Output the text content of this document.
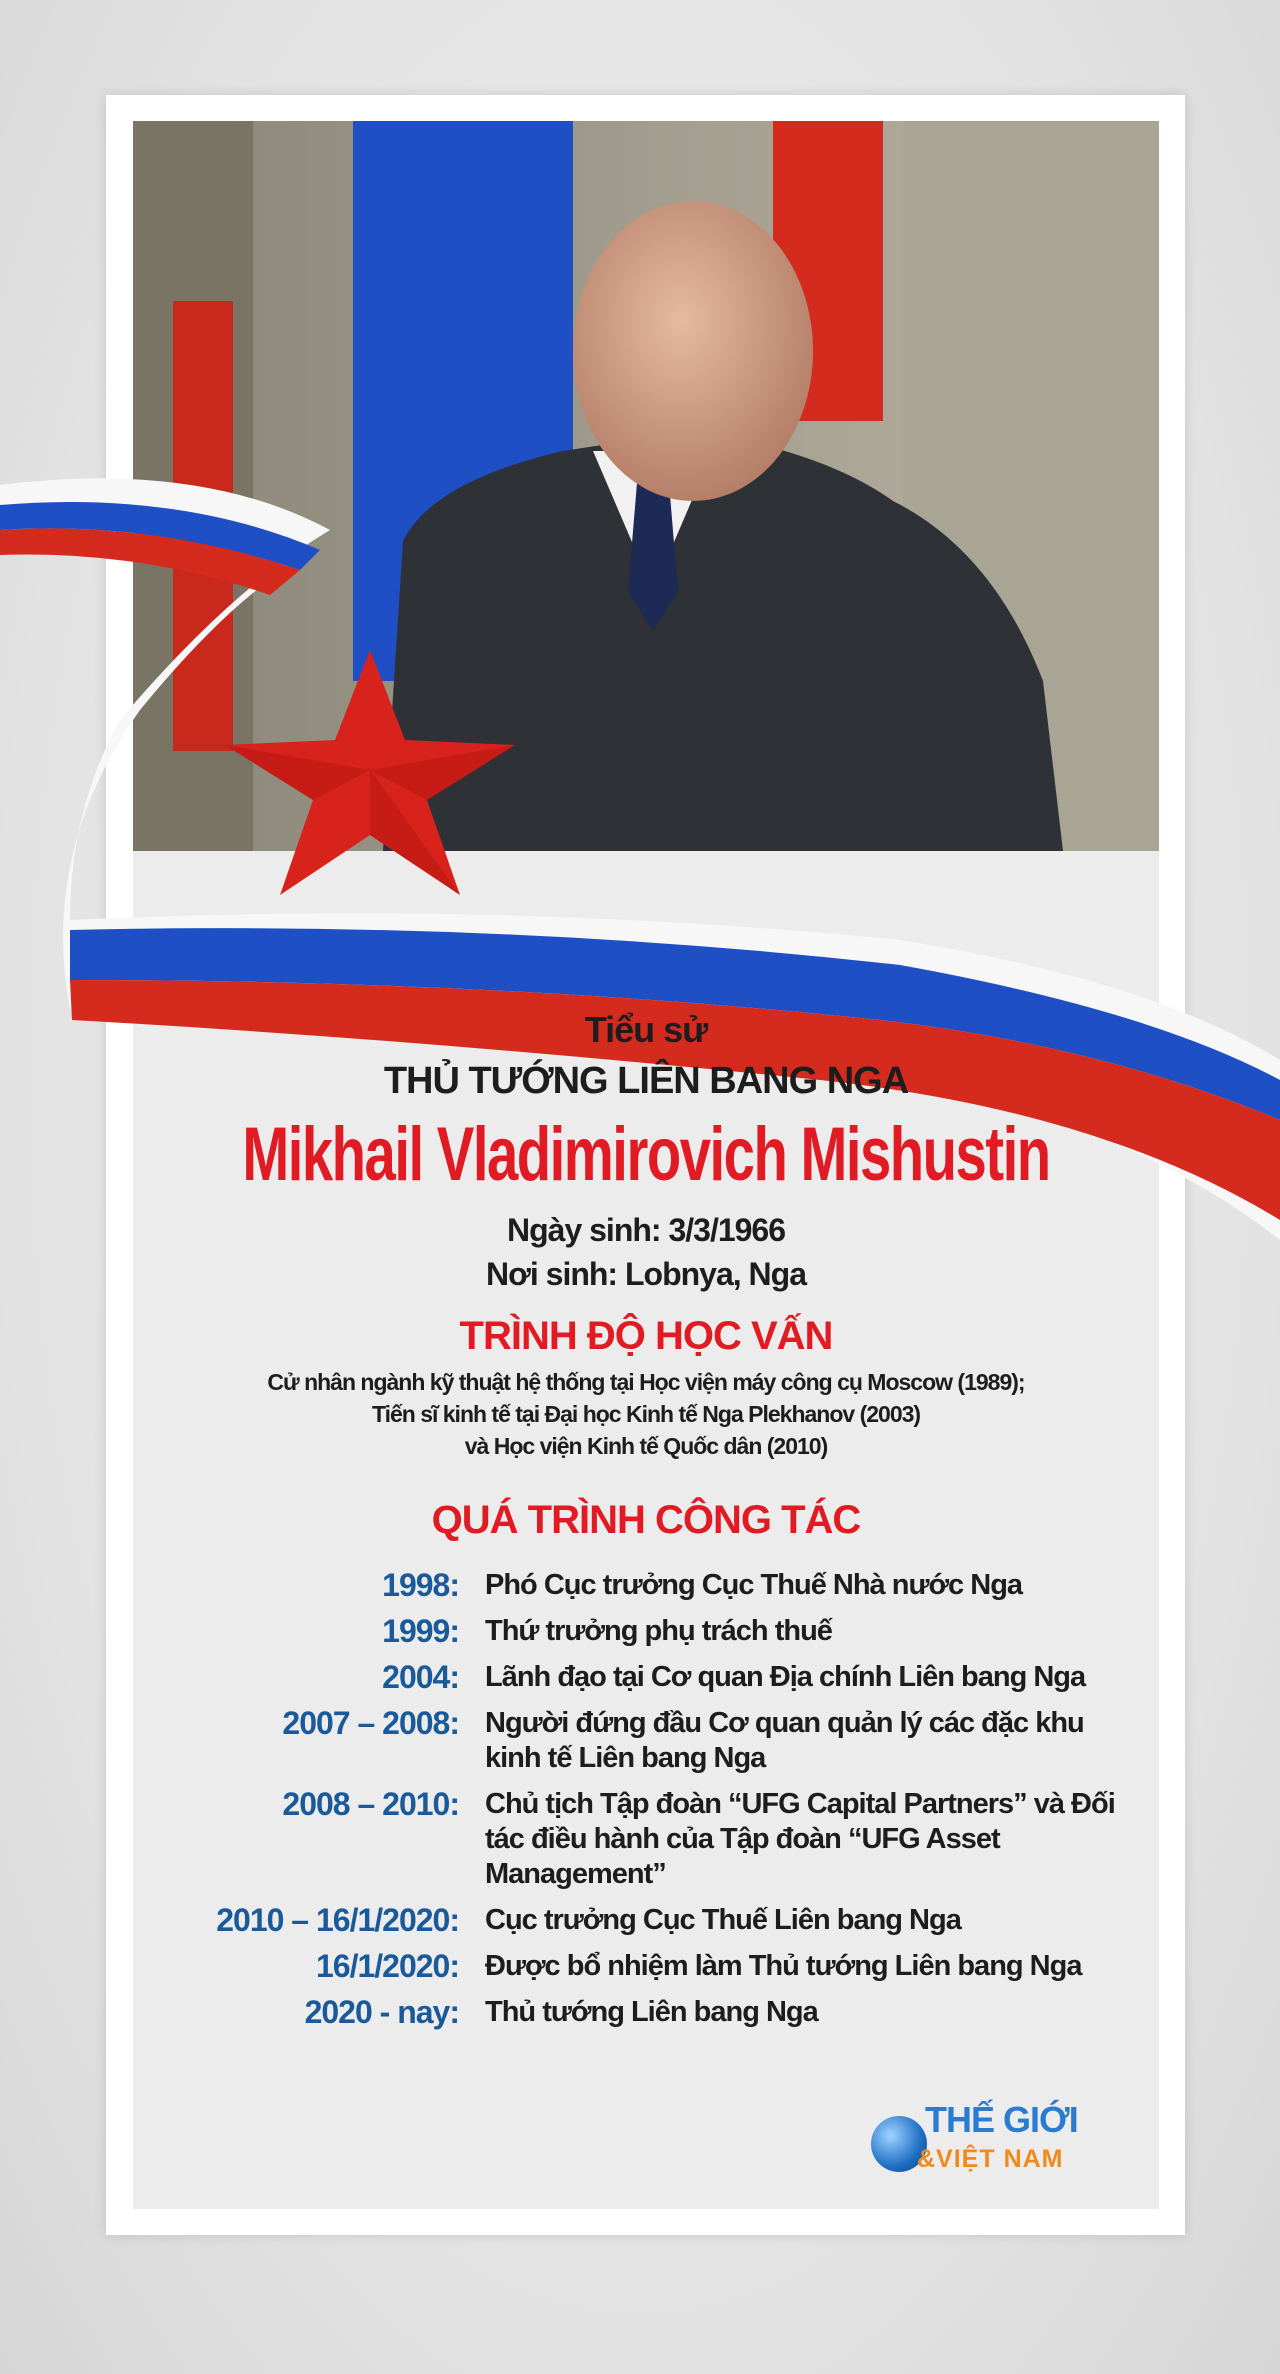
Tiểu sử
THỦ TƯỚNG LIÊN BANG NGA
Mikhail Vladimirovich Mishustin
Ngày sinh: 3/3/1966
Nơi sinh: Lobnya, Nga
TRÌNH ĐỘ HỌC VẤN
Cử nhân ngành kỹ thuật hệ thống tại Học viện máy công cụ Moscow (1989);
Tiến sĩ kinh tế tại Đại học Kinh tế Nga Plekhanov (2003)
và Học viện Kinh tế Quốc dân (2010)
QUÁ TRÌNH CÔNG TÁC
1998: Phó Cục trưởng Cục Thuế Nhà nước Nga
1999: Thứ trưởng phụ trách thuế
2004: Lãnh đạo tại Cơ quan Địa chính Liên bang Nga
2007 – 2008: Người đứng đầu Cơ quan quản lý các đặc khu kinh tế Liên bang Nga
2008 – 2010: Chủ tịch Tập đoàn “UFG Capital Partners” và Đối tác điều hành của Tập đoàn “UFG Asset Management”
2010 – 16/1/2020: Cục trưởng Cục Thuế Liên bang Nga
16/1/2020: Được bổ nhiệm làm Thủ tướng Liên bang Nga
2020 - nay: Thủ tướng Liên bang Nga
THẾ GIỚI
&VIỆT NAM
